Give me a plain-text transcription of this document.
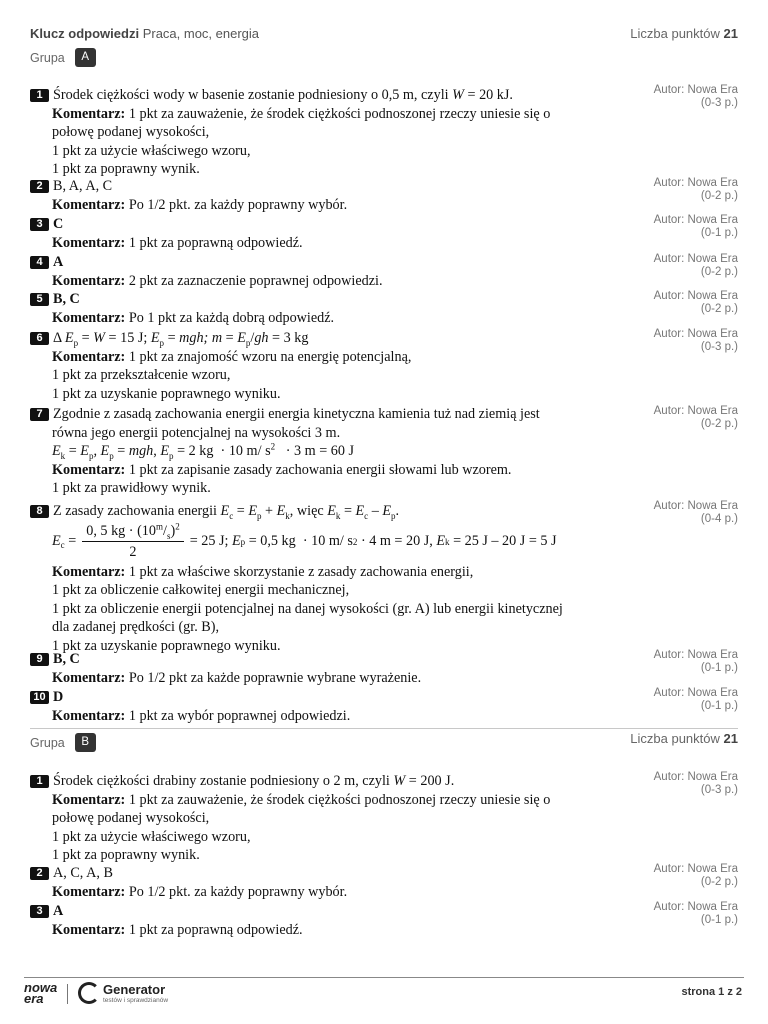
Klucz odpowiedzi Praca, moc, energia	Liczba punktów 21
Grupa	A
1 Środek ciężkości wody w basenie zostanie podniesiony o 0,5 m, czyli W = 20 kJ.
Komentarz: 1 pkt za zauważenie, że środek ciężkości podnoszonej rzeczy uniesie się o
połowę podanej wysokości,
1 pkt za użycie właściwego wzoru,
1 pkt za poprawny wynik.
Autor: Nowa Era
(0-3 p.)
2 B, A, A, C
Komentarz: Po 1/2 pkt. za każdy poprawny wybór.
Autor: Nowa Era
(0-2 p.)
3 C
Komentarz: 1 pkt za poprawną odpowiedź.
Autor: Nowa Era
(0-1 p.)
4 A
Komentarz: 2 pkt za zaznaczenie poprawnej odpowiedzi.
Autor: Nowa Era
(0-2 p.)
5 B, C
Komentarz: Po 1 pkt za każdą dobrą odpowiedź.
Autor: Nowa Era
(0-2 p.)
6 Δ $E_p = W = 15$ J; $E_p$ = mgh; $m = E_p/gh = 3$ kg
Komentarz: 1 pkt za znajomość wzoru na energię potencjalną,
1 pkt za przekształcenie wzoru,
1 pkt za uzyskanie poprawnego wyniku.
Autor: Nowa Era
(0-3 p.)
7 Zgodnie z zasadą zachowania energii energia kinetyczna kamienia tuż nad ziemią jest
równa jego energii potencjalnej na wysokości 3 m.
$E_k = E_p$, $E_p$ = mgh, $E_p = 2$ kg  · 10 m/ $s^2 \cdot 3$ m = 60 J
Komentarz: 1 pkt za zapisanie zasady zachowania energii słowami lub wzorem.
1 pkt za prawidłowy wynik.
Autor: Nowa Era
(0-2 p.)
8 Z zasady zachowania energii $E_c = E_p + E_k$, więc $E_k = E_c - E_p$.
E $c = \frac{0, 5 kg \cdot (10^m/_s)^2}{2} = 25$ J; E p = 0,5 kg  · 10 m/ s 2 · 4 m = 20 J, E k = 25 J – 20 J = 5 J
Komentarz: 1 pkt za właściwe skorzystanie z zasady zachowania energii,
1 pkt za obliczenie całkowitej energii mechanicznej,
1 pkt za obliczenie energii potencjalnej na danej wysokości (gr. A) lub energii kinetycznej
dla zadanej prędkości (gr. B),
1 pkt za uzyskanie poprawnego wyniku.
Autor: Nowa Era
(0-4 p.)
9 B, C
Komentarz: Po 1/2 pkt za każde poprawnie wybrane wyrażenie.
Autor: Nowa Era
(0-1 p.)
10 D
Komentarz: 1 pkt za wybór poprawnej odpowiedzi.
Autor: Nowa Era
(0-1 p.)
Grupa	B	Liczba punktów 21
1 Środek ciężkości drabiny zostanie podniesiony o 2 m, czyli W = 200 J.
Komentarz: 1 pkt za zauważenie, że środek ciężkości podnoszonej rzeczy uniesie się o
połowę podanej wysokości,
1 pkt za użycie właściwego wzoru,
1 pkt za poprawny wynik.
Autor: Nowa Era
(0-3 p.)
2 A, C, A, B
Komentarz: Po 1/2 pkt. za każdy poprawny wybór.
Autor: Nowa Era
(0-2 p.)
3 A
Komentarz: 1 pkt za poprawną odpowiedź.
Autor: Nowa Era
(0-1 p.)
nowa era
Generator
testów i sprawdzianów
strona 1 z 2
